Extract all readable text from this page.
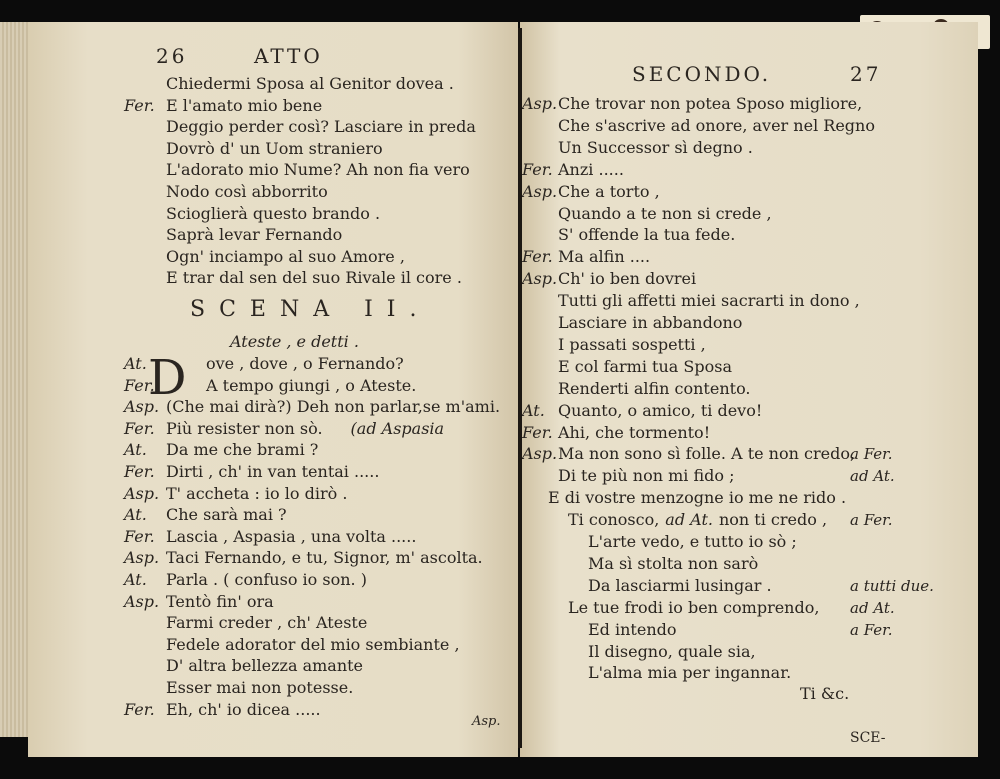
26	ATTO
Chiedermi Sposa al Genitor dovea .
Fer. E l'amato mio bene
Deggio perder così? Lasciare in preda
Dovrò d' un Uom straniero
L'adorato mio Nume? Ah non fia vero
Nodo così abborrito
Scioglierà questo brando .
Saprà levar Fernando
Ogn' inciampo al suo Amore ,
E trar dal sen del suo Rivale il core .
SCENA II.
Ateste , e detti .
D
At.	ove , dove , o Fernando?
Fer.	A tempo giungi , o Ateste.
Asp. (Che mai dirà?) Deh non parlar,se m'ami.
Fer. Più resister non sò. (ad Aspasia
At. Da me che brami ?
Fer. Dirti , ch' in van tentai .....
Asp. T' accheta : io lo dirò .
At. Che sarà mai ?
Fer. Lascia , Aspasia , una volta .....
Asp. Taci Fernando, e tu, Signor, m' ascolta.
At. Parla . ( confuso io son. )
Asp. Tentò fin' ora
Farmi creder , ch' Ateste
Fedele adorator del mio sembiante ,
D' altra bellezza amante
Esser mai non potesse.
Fer. Eh, ch' io dicea .....
Asp.
SECONDO.	27
Asp.Che trovar non potea Sposo migliore,
Che s'ascrive ad onore, aver nel Regno
Un Successor sì degno .
Fer. Anzi .....
Asp.Che a torto ,
Quando a te non si crede ,
S' offende la tua fede.
Fer. Ma alfin ....
Asp.Ch' io ben dovrei
Tutti gli affetti miei sacrarti in dono ,
Lasciare in abbandono
I passati sospetti ,
E col farmi tua Sposa
Renderti alfin contento.
At. Quanto, o amico, ti devo!
Fer. Ahi, che tormento!
Asp.Ma non sono sì folle. A te non credo,
a Fer.
Di te più non mi fido ;	ad At.
E di vostre menzogne io me ne rido .
Ti conosco, ad At. non ti credo , a Fer.
L'arte vedo, e tutto io sò ;
Ma sì stolta non sarò
Da lasciarmi lusingar .	a tutti due.
Le tue frodi io ben comprendo, ad At.
Ed intendo	a Fer.
Il disegno, quale sia,
L'alma mia per ingannar.
Ti &c.
SCE-
